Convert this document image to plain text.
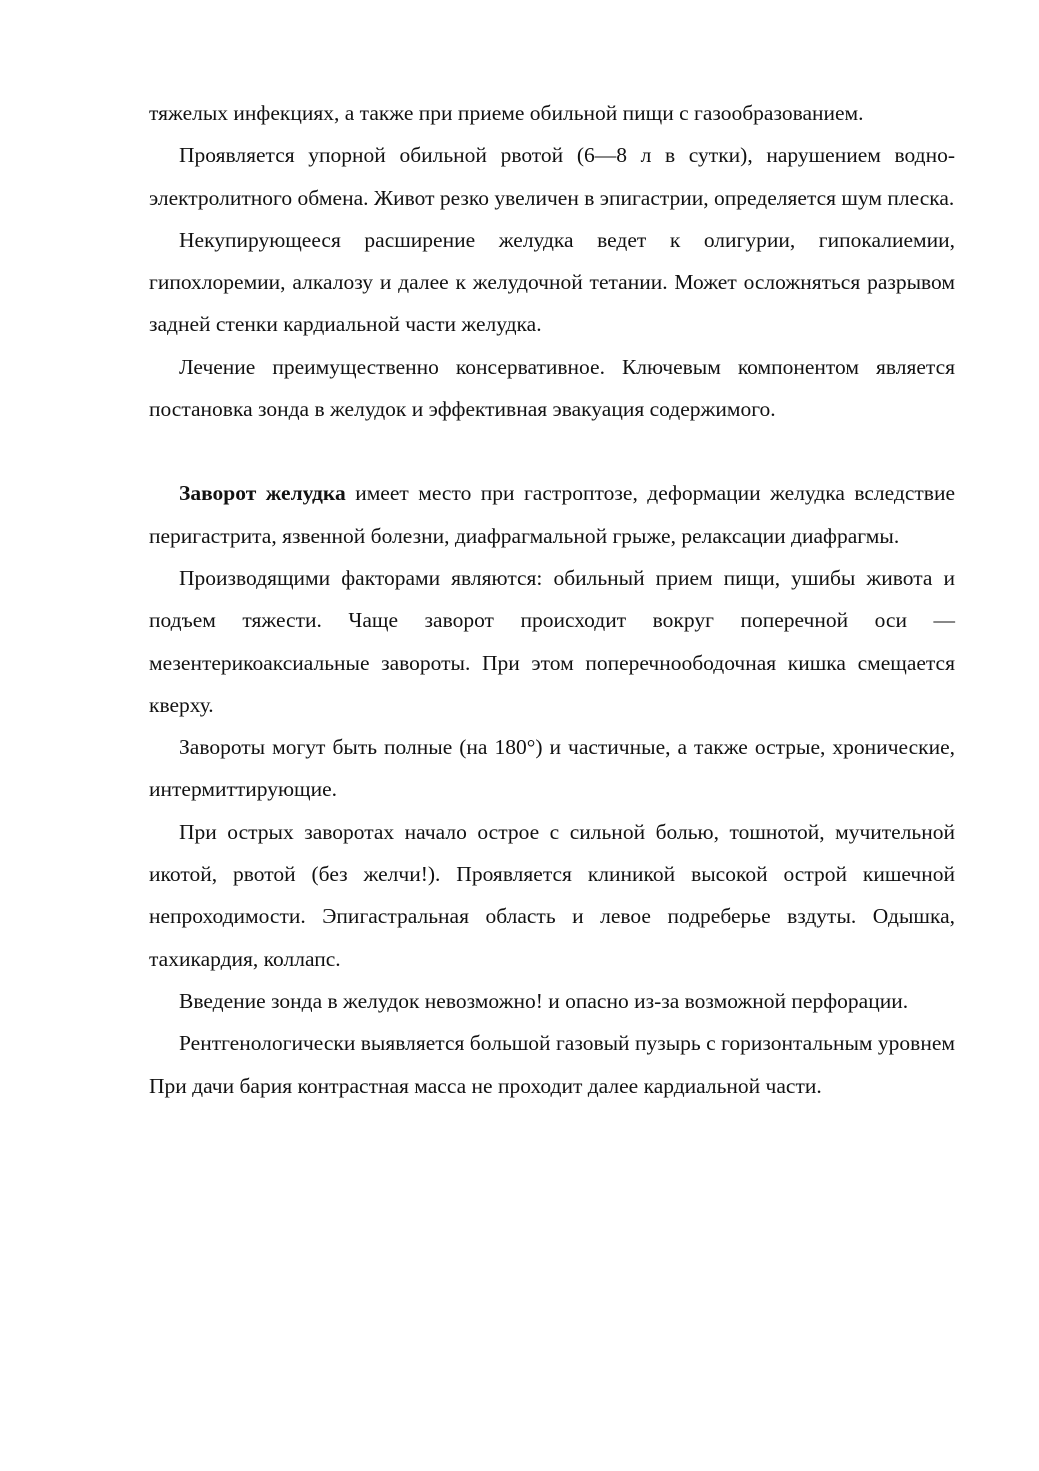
тяжелых инфекциях, а также при приеме обильной пищи с газообразованием.

Проявляется упорной обильной рвотой (6—8 л в сутки), нарушением водно-электролитного обмена. Живот резко увеличен в эпигастрии, определяется шум плеска.

Некупирующееся расширение желудка ведет к олигурии, гипокалиемии, гипохлоремии, алкалозу и далее к желудочной тетании. Может осложняться разрывом задней стенки кардиальной части желудка.

Лечение преимущественно консервативное. Ключевым компонентом является постановка зонда в желудок и эффективная эвакуация содержимого.

Заворот желудка имеет место при гастроптозе, деформации желудка вследствие перигастрита, язвенной болезни, диафрагмальной грыже, релаксации диафрагмы.

Производящими факторами являются: обильный прием пищи, ушибы живота и подъем тяжести. Чаще заворот происходит вокруг поперечной оси — мезентерикоаксиальные завороты. При этом поперечноободочная кишка смещается кверху.

Завороты могут быть полные (на 180°) и частичные, а также острые, хронические, интермиттирующие.

При острых заворотах начало острое с сильной болью, тошнотой, мучительной икотой, рвотой (без желчи!). Проявляется клиникой высокой острой кишечной непроходимости. Эпигастральная область и левое подреберье вздуты. Одышка, тахикардия, коллапс.

Введение зонда в желудок невозможно! и опасно из-за возможной перфорации.

Рентгенологически выявляется большой газовый пузырь с горизонтальным уровнем При дачи бария контрастная масса не проходит далее кардиальной части.
